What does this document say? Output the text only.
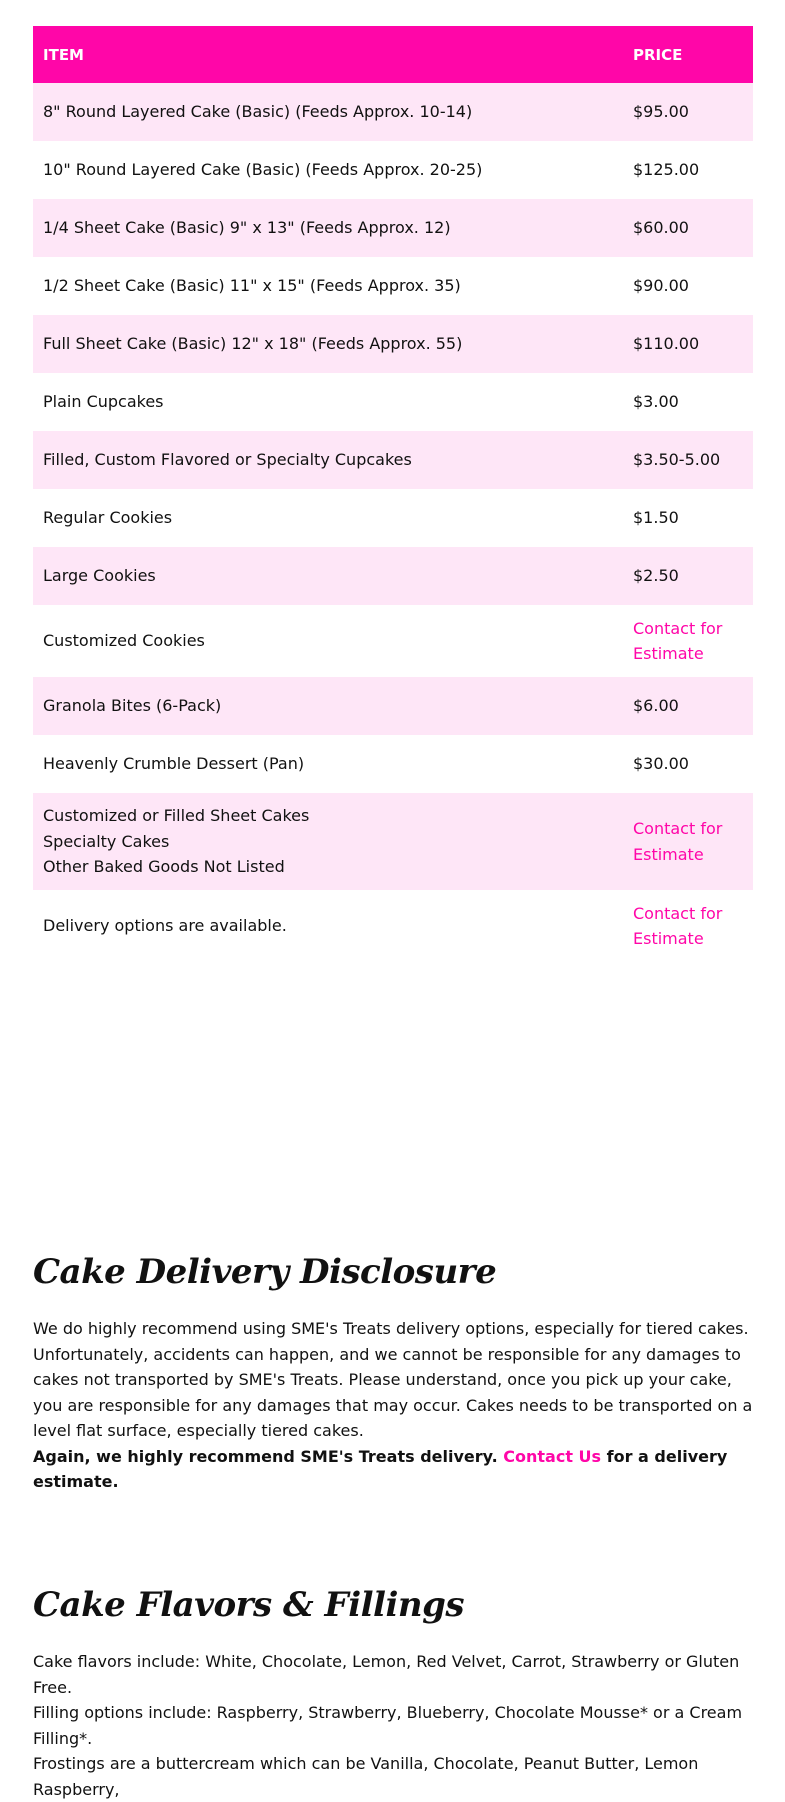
ITEM	PRICE
8" Round Layered Cake (Basic) (Feeds Approx. 10-14)	$95.00
10" Round Layered Cake (Basic) (Feeds Approx. 20-25)	$125.00
1/4 Sheet Cake (Basic) 9" x 13" (Feeds Approx. 12)	$60.00
1/2 Sheet Cake (Basic) 11" x 15" (Feeds Approx. 35)	$90.00
Full Sheet Cake (Basic) 12" x 18" (Feeds Approx. 55)	$110.00
Plain Cupcakes	$3.00
Filled, Custom Flavored or Specialty Cupcakes	$3.50-5.00
Regular Cookies	$1.50
Large Cookies	$2.50
Customized Cookies	Contact for Estimate
Granola Bites (6-Pack)	$6.00
Heavenly Crumble Dessert (Pan)	$30.00

Customized or Filled Sheet Cakes
Specialty Cakes
Other Baked Goods Not Listed	Contact for Estimate
Delivery options are available.	Contact for Estimate
Cake Delivery Disclosure

We do highly recommend using SME's Treats delivery options, especially for tiered cakes. Unfortunately, accidents can happen, and we cannot be responsible for any damages to cakes not transported by SME's Treats. Please understand, once you pick up your cake, you are responsible for any damages that may occur. Cakes needs to be transported on a level flat surface, especially tiered cakes.

Again, we highly recommend SME's Treats delivery. Contact Us for a delivery estimate.

Cake Flavors & Fillings

Cake flavors include: White, Chocolate, Lemon, Red Velvet, Carrot, Strawberry or Gluten Free.

Filling options include: Raspberry, Strawberry, Blueberry, Chocolate Mousse* or a Cream Filling*.

Frostings are a buttercream which can be Vanilla, Chocolate, Peanut Butter, Lemon Raspberry,
